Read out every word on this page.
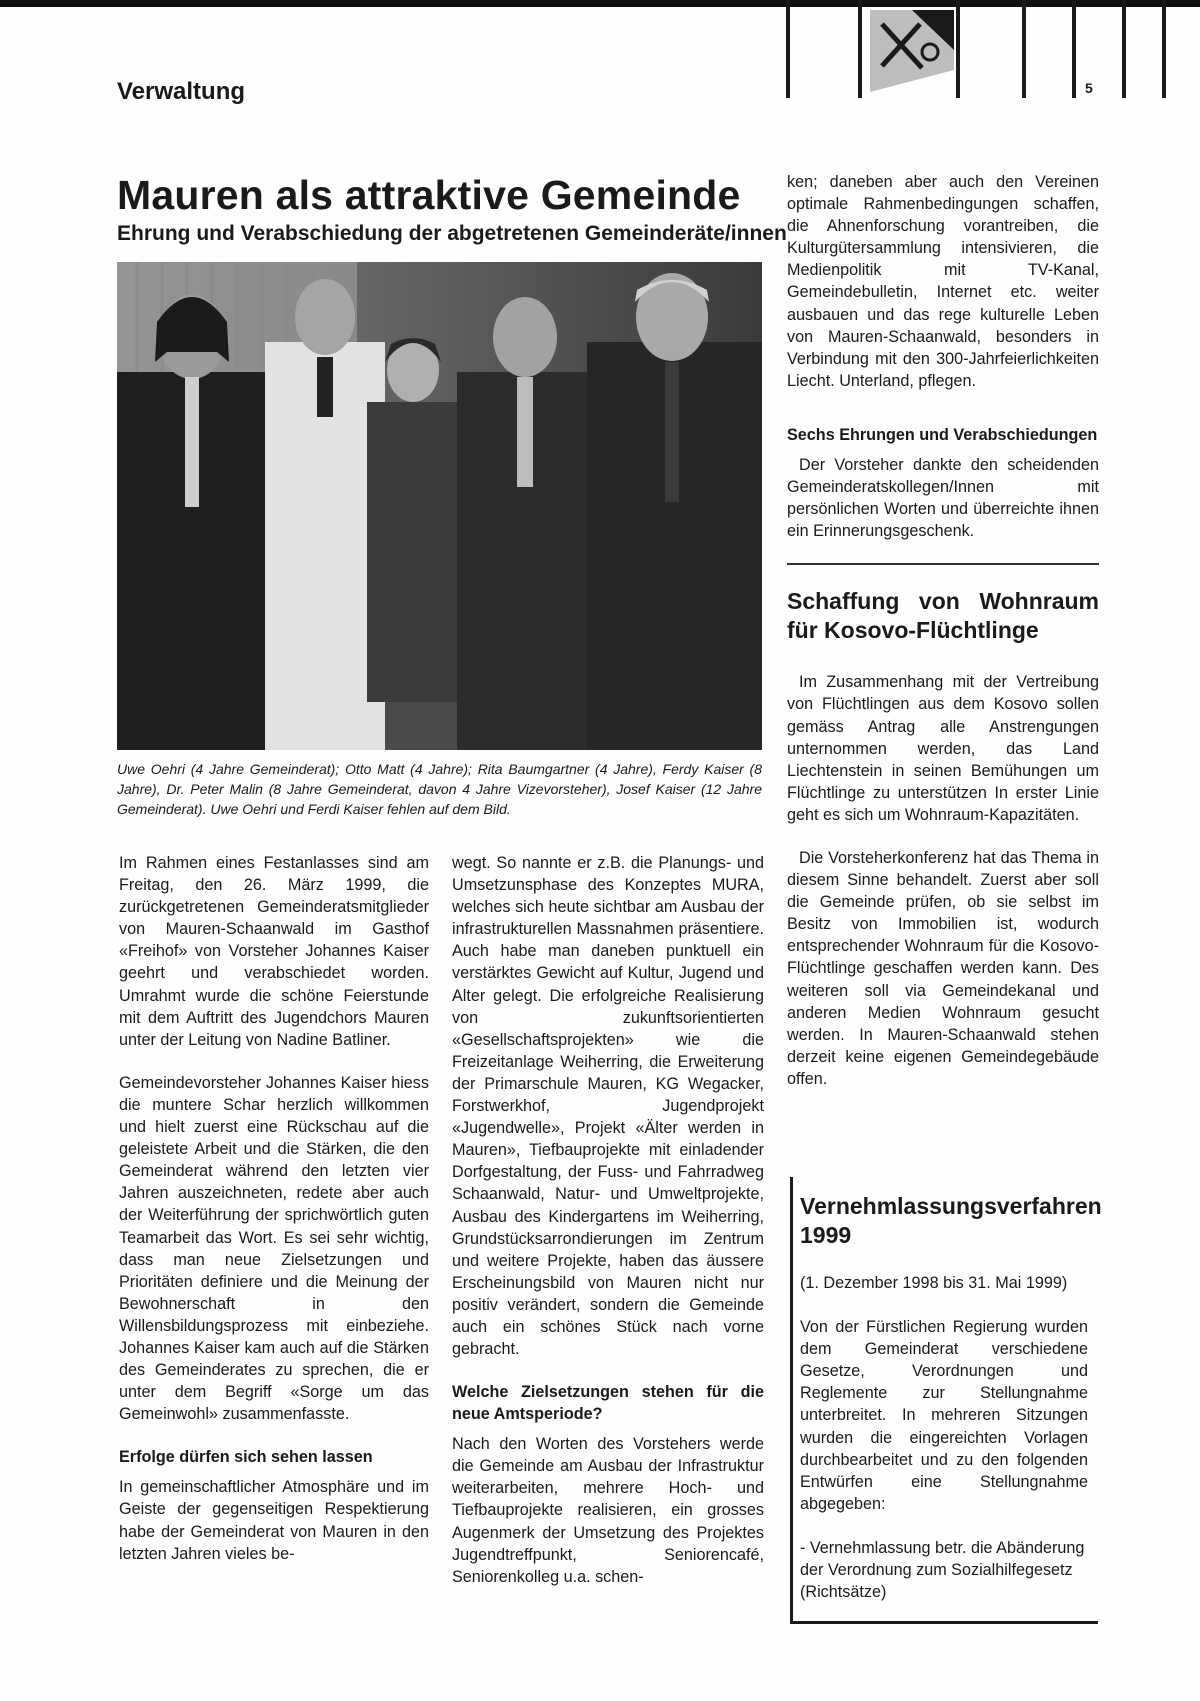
Verwaltung	5
Mauren als attraktive Gemeinde
Ehrung und Verabschiedung der abgetretenen Gemeinderäte/innen

Uwe Oehri (4 Jahre Gemeinderat); Otto Matt (4 Jahre); Rita Baumgartner (4 Jahre), Ferdy Kaiser (8 Jahre), Dr. Peter Malin (8 Jahre Gemeinderat, davon 4 Jahre Vizevorsteher), Josef Kaiser (12 Jahre Gemeinderat). Uwe Oehri und Ferdi Kaiser fehlen auf dem Bild.

Im Rahmen eines Festanlasses sind am Freitag, den 26. März 1999, die zurückgetretenen Gemeinderatsmitglieder von Mauren-Schaanwald im Gasthof «Freihof» von Vorsteher Johannes Kaiser geehrt und verabschiedet worden. Umrahmt wurde die schöne Feierstunde mit dem Auftritt des Jugendchors Mauren unter der Leitung von Nadine Batliner.

Gemeindevorsteher Johannes Kaiser hiess die muntere Schar herzlich willkommen und hielt zuerst eine Rückschau auf die geleistete Arbeit und die Stärken, die den Gemeinderat während den letzten vier Jahren auszeichneten, redete aber auch der Weiterführung der sprichwörtlich guten Teamarbeit das Wort. Es sei sehr wichtig, dass man neue Zielsetzungen und Prioritäten definiere und die Meinung der Bewohnerschaft in den Willensbildungsprozess mit einbeziehe. Johannes Kaiser kam auch auf die Stärken des Gemeinderates zu sprechen, die er unter dem Begriff «Sorge um das Gemeinwohl» zusammenfasste.

Erfolge dürfen sich sehen lassen

In gemeinschaftlicher Atmosphäre und im Geiste der gegenseitigen Respektierung habe der Gemeinderat von Mauren in den letzten Jahren vieles be-

wegt. So nannte er z.B. die Planungs- und Umsetzunsphase des Konzeptes MURA, welches sich heute sichtbar am Ausbau der infrastrukturellen Massnahmen präsentiere. Auch habe man daneben punktuell ein verstärktes Gewicht auf Kultur, Jugend und Alter gelegt. Die erfolgreiche Realisierung von zukunftsorientierten «Gesellschaftsprojekten» wie die Freizeitanlage Weiherring, die Erweiterung der Primarschule Mauren, KG Wegacker, Forstwerkhof, Jugendprojekt «Jugendwelle», Projekt «Älter werden in Mauren», Tiefbauprojekte mit einladender Dorfgestaltung, der Fuss- und Fahrradweg Schaanwald, Natur- und Umweltprojekte, Ausbau des Kindergartens im Weiherring, Grundstücksarrondierungen im Zentrum und weitere Projekte, haben das äussere Erscheinungsbild von Mauren nicht nur positiv verändert, sondern die Gemeinde auch ein schönes Stück nach vorne gebracht.

Welche Zielsetzungen stehen für die neue Amtsperiode?

Nach den Worten des Vorstehers werde die Gemeinde am Ausbau der Infrastruktur weiterarbeiten, mehrere Hoch- und Tiefbauprojekte realisieren, ein grosses Augenmerk der Umsetzung des Projektes Jugendtreffpunkt, Seniorencafé, Seniorenkolleg u.a. schen-

ken; daneben aber auch den Vereinen optimale Rahmenbedingungen schaffen, die Ahnenforschung vorantreiben, die Kulturgütersammlung intensivieren, die Medienpolitik mit TV-Kanal, Gemeindebulletin, Internet etc. weiter ausbauen und das rege kulturelle Leben von Mauren-Schaanwald, besonders in Verbindung mit den 300-Jahrfeierlichkeiten Liecht. Unterland, pflegen.

Sechs Ehrungen und Verabschiedungen

Der Vorsteher dankte den scheidenden Gemeinderatskollegen/Innen mit persönlichen Worten und überreichte ihnen ein Erinnerungsgeschenk.

Schaffung von Wohnraum für Kosovo-Flüchtlinge

Im Zusammenhang mit der Vertreibung von Flüchtlingen aus dem Kosovo sollen gemäss Antrag alle Anstrengungen unternommen werden, das Land Liechtenstein in seinen Bemühungen um Flüchtlinge zu unterstützen In erster Linie geht es sich um Wohnraum-Kapazitäten.

Die Vorsteherkonferenz hat das Thema in diesem Sinne behandelt. Zuerst aber soll die Gemeinde prüfen, ob sie selbst im Besitz von Immobilien ist, wodurch entsprechender Wohnraum für die Kosovo-Flüchtlinge geschaffen werden kann. Des weiteren soll via Gemeindekanal und anderen Medien Wohnraum gesucht werden. In Mauren-Schaanwald stehen derzeit keine eigenen Gemeindegebäude offen.

Vernehmlassungsverfahren 1999

(1. Dezember 1998 bis 31. Mai 1999)

Von der Fürstlichen Regierung wurden dem Gemeinderat verschiedene Gesetze, Verordnungen und Reglemente zur Stellungnahme unterbreitet. In mehreren Sitzungen wurden die eingereichten Vorlagen durchbearbeitet und zu den folgenden Entwürfen eine Stellungnahme abgegeben:

- Vernehmlassung betr. die Abänderung der Verordnung zum Sozialhilfegesetz (Richtsätze)
